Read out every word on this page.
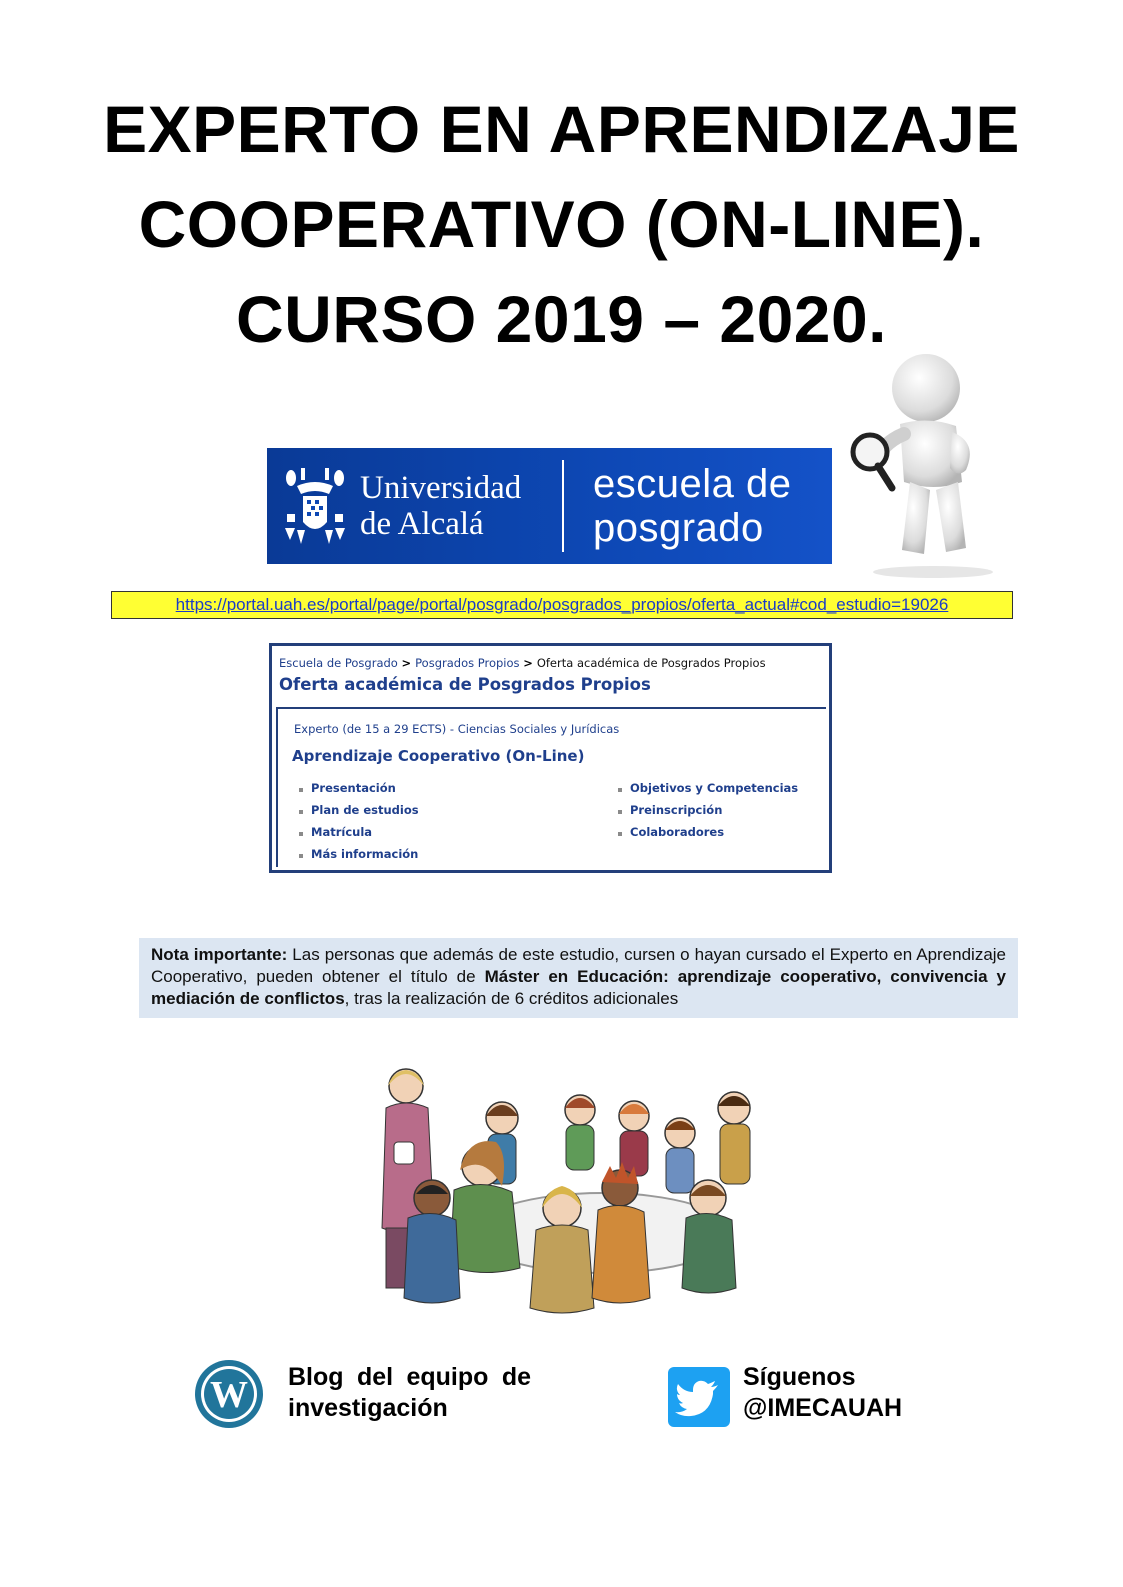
EXPERTO EN APRENDIZAJE
COOPERATIVO (ON-LINE).
CURSO 2019 – 2020.
Universidad
de Alcalá
escuela de
posgrado
https://portal.uah.es/portal/page/portal/posgrado/posgrados_propios/oferta_actual#cod_estudio=19026
Escuela de Posgrado > Posgrados Propios > Oferta académica de Posgrados Propios
Oferta académica de Posgrados Propios
Experto (de 15 a 29 ECTS) - Ciencias Sociales y Jurídicas
Aprendizaje Cooperativo (On-Line)
Presentación
Plan de estudios
Matrícula
Más información
Objetivos y Competencias
Preinscripción
Colaboradores
Nota importante: Las personas que además de este estudio, cursen o hayan cursado el Experto en Aprendizaje Cooperativo, pueden obtener el título de Máster en Educación: aprendizaje cooperativo, convivencia y mediación de conflictos, tras la realización de 6 créditos adicionales
W Blog del equipo de investigación
Síguenos
@IMECAUAH
